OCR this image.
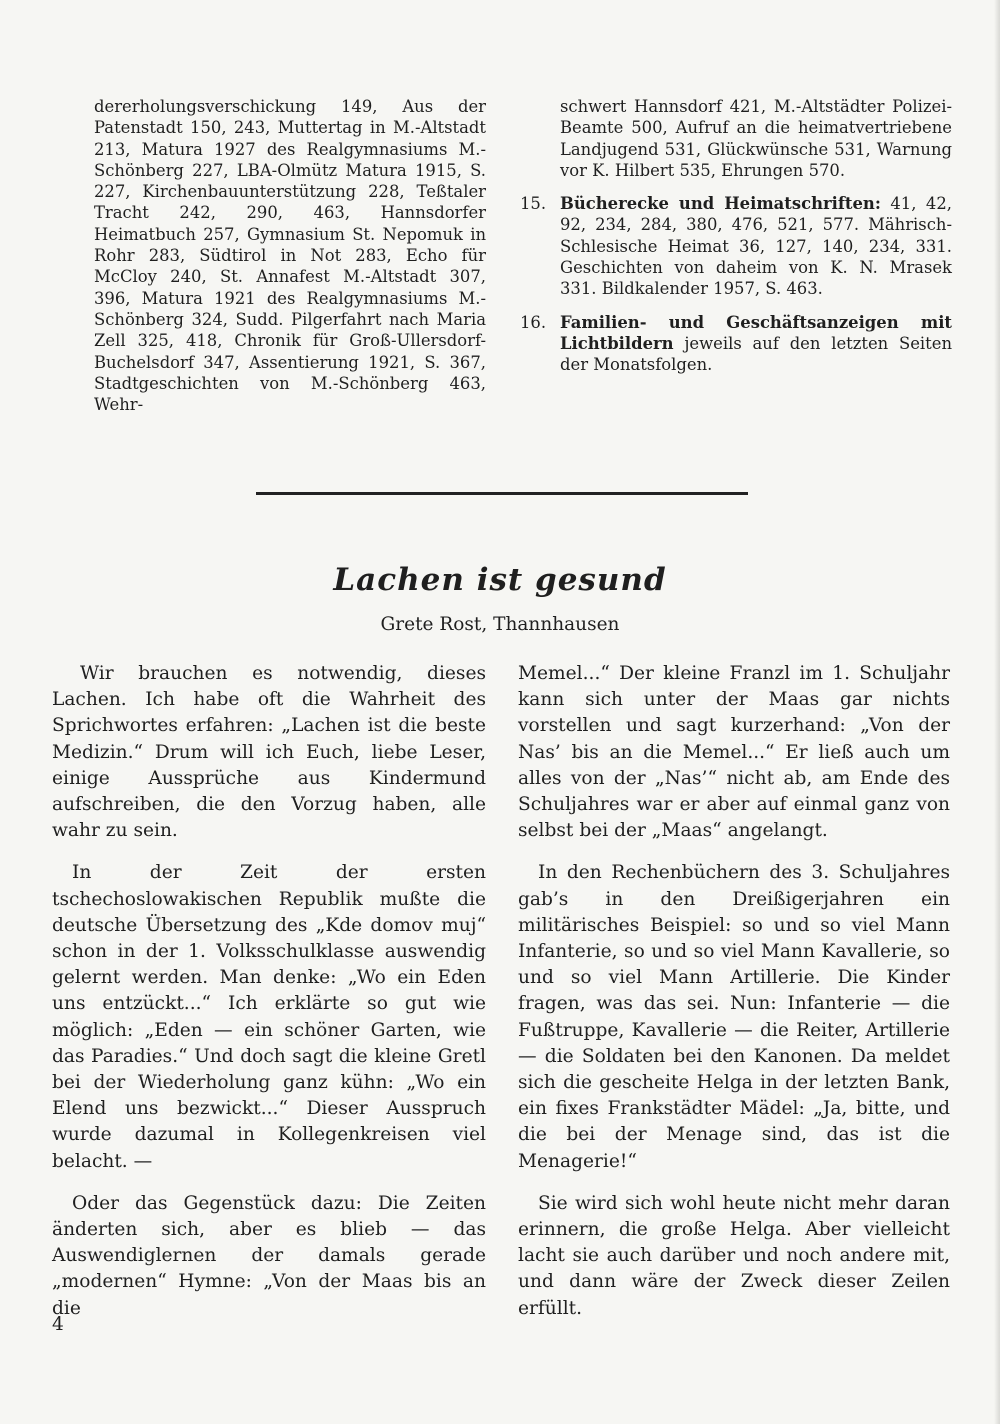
dererholungsverschickung 149, Aus der Patenstadt 150, 243, Muttertag in M.-Altstadt 213, Matura 1927 des Realgymnasiums M.-Schönberg 227, LBA-Olmütz Matura 1915, S. 227, Kirchenbauunterstützung 228, Teßtaler Tracht 242, 290, 463, Hannsdorfer Heimatbuch 257, Gymnasium St. Nepomuk in Rohr 283, Südtirol in Not 283, Echo für McCloy 240, St. Annafest M.-Altstadt 307, 396, Matura 1921 des Realgymnasiums M.-Schönberg 324, Sudd. Pilgerfahrt nach Maria Zell 325, 418, Chronik für Groß-Ullersdorf-Buchelsdorf 347, Assentierung 1921, S. 367, Stadtgeschichten von M.-Schönberg 463, Wehr-
schwert Hannsdorf 421, M.-Altstädter Polizei-Beamte 500, Aufruf an die heimatvertriebene Landjugend 531, Glückwünsche 531, Warnung vor K. Hilbert 535, Ehrungen 570.
15. Bücherecke und Heimatschriften: 41, 42, 92, 234, 284, 380, 476, 521, 577. Mährisch-Schlesische Heimat 36, 127, 140, 234, 331. Geschichten von daheim von K. N. Mrasek 331. Bildkalender 1957, S. 463.
16. Familien- und Geschäftsanzeigen mit Lichtbildern jeweils auf den letzten Seiten der Monatsfolgen.
Lachen ist gesund
Grete Rost, Thannhausen

Wir brauchen es notwendig, dieses Lachen. Ich habe oft die Wahrheit des Sprichwortes erfahren: „Lachen ist die beste Medizin.“ Drum will ich Euch, liebe Leser, einige Aussprüche aus Kindermund aufschreiben, die den Vorzug haben, alle wahr zu sein.

In der Zeit der ersten tschechoslowakischen Republik mußte die deutsche Übersetzung des „Kde domov muj“ schon in der 1. Volksschulklasse auswendig gelernt werden. Man denke: „Wo ein Eden uns entzückt...“ Ich erklärte so gut wie möglich: „Eden — ein schöner Garten, wie das Paradies.“ Und doch sagt die kleine Gretl bei der Wiederholung ganz kühn: „Wo ein Elend uns bezwickt...“ Dieser Ausspruch wurde dazumal in Kollegenkreisen viel belacht. —

Oder das Gegenstück dazu: Die Zeiten änderten sich, aber es blieb — das Auswendiglernen der damals gerade „modernen“ Hymne: „Von der Maas bis an die

Memel...“ Der kleine Franzl im 1. Schuljahr kann sich unter der Maas gar nichts vorstellen und sagt kurzerhand: „Von der Nas’ bis an die Memel...“ Er ließ auch um alles von der „Nas’“ nicht ab, am Ende des Schuljahres war er aber auf einmal ganz von selbst bei der „Maas“ angelangt.

In den Rechenbüchern des 3. Schuljahres gab’s in den Dreißigerjahren ein militärisches Beispiel: so und so viel Mann Infanterie, so und so viel Mann Kavallerie, so und so viel Mann Artillerie. Die Kinder fragen, was das sei. Nun: Infanterie — die Fußtruppe, Kavallerie — die Reiter, Artillerie — die Soldaten bei den Kanonen. Da meldet sich die gescheite Helga in der letzten Bank, ein fixes Frankstädter Mädel: „Ja, bitte, und die bei der Menage sind, das ist die Menagerie!“

Sie wird sich wohl heute nicht mehr daran erinnern, die große Helga. Aber vielleicht lacht sie auch darüber und noch andere mit, und dann wäre der Zweck dieser Zeilen erfüllt.

4
